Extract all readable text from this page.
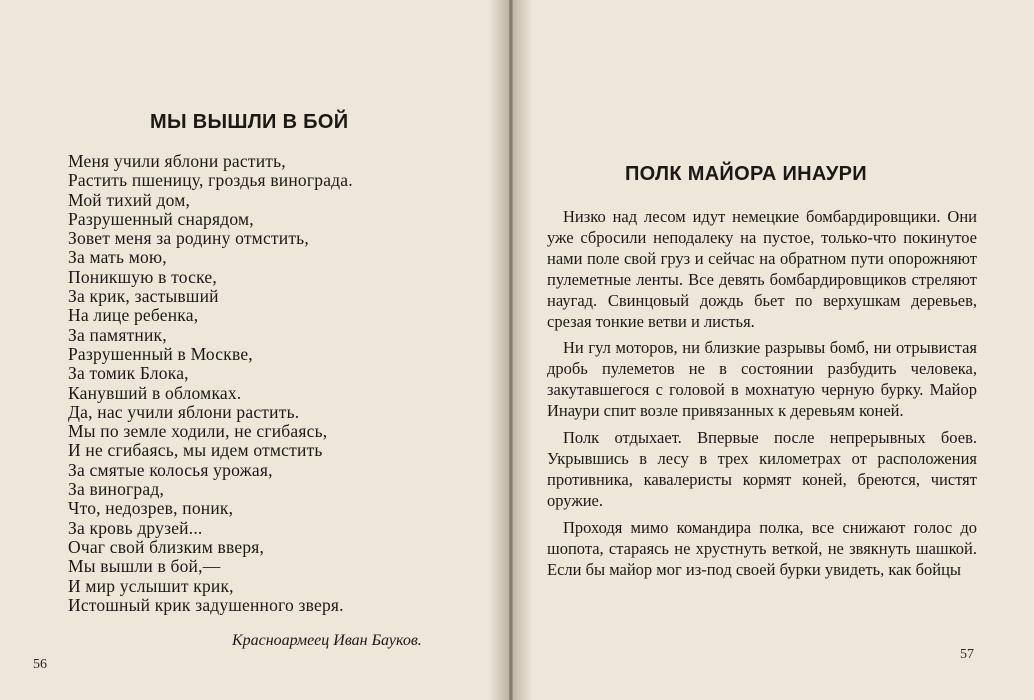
МЫ ВЫШЛИ В БОЙ
Меня учили яблони растить,
Растить пшеницу, гроздья винограда.
Мой тихий дом,
Разрушенный снарядом,
Зовет меня за родину отмстить,
За мать мою,
Поникшую в тоске,
За крик, застывший
На лице ребенка,
За памятник,
Разрушенный в Москве,
За томик Блока,
Канувший в обломках.
Да, нас учили яблони растить.
Мы по земле ходили, не сгибаясь,
И не сгибаясь, мы идем отмстить
За смятые колосья урожая,
За виноград,
Что, недозрев, поник,
За кровь друзей...
Очаг свой близким вверя,
Мы вышли в бой,—
И мир услышит крик,
Истошный крик задушенного зверя.
Красноармеец Иван Бауков.
56
ПОЛК МАЙОРА ИНАУРИ

Низко над лесом идут немецкие бомбардировщики. Они уже сбросили неподалеку на пустое, только-что покинутое нами поле свой груз и сейчас на обратном пути опорожняют пулеметные ленты. Все девять бомбардировщиков стреляют наугад. Свинцовый дождь бьет по верхушкам деревьев, срезая тонкие ветви и листья.

Ни гул моторов, ни близкие разрывы бомб, ни отрывистая дробь пулеметов не в состоянии разбудить человека, закутавшегося с головой в мохнатую черную бурку. Майор Инаури спит возле привязанных к деревьям коней.

Полк отдыхает. Впервые после непрерывных боев. Укрывшись в лесу в трех километрах от расположения противника, кавалеристы кормят коней, бреются, чистят оружие.

Проходя мимо командира полка, все снижают голос до шопота, стараясь не хрустнуть веткой, не звякнуть шашкой. Если бы майор мог из-под своей бурки увидеть, как бойцы

57
